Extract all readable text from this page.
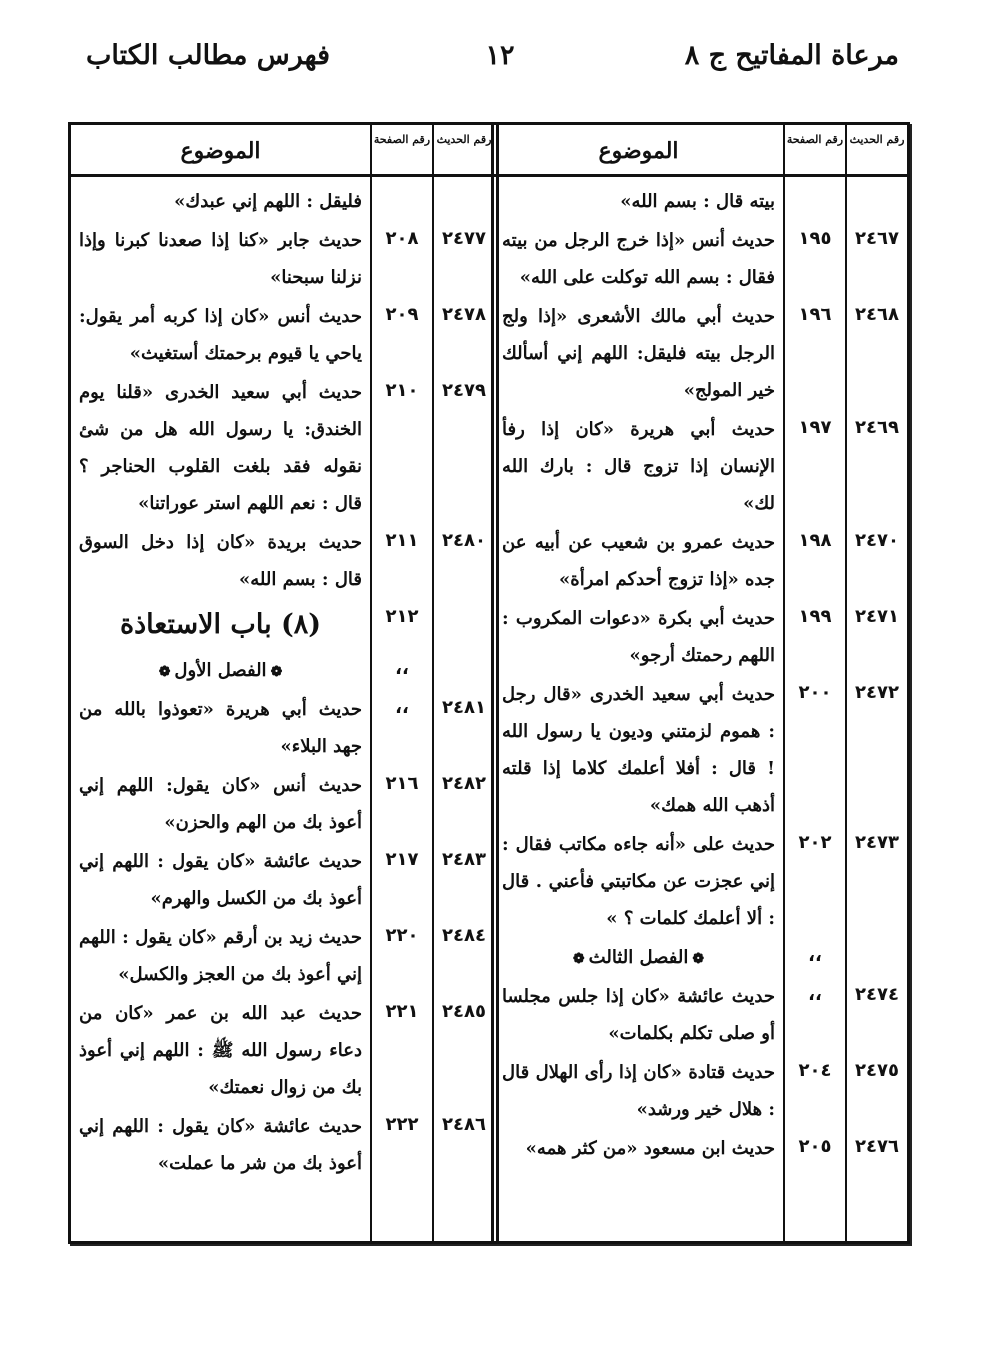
مرعاة المفاتيح ج ٨
١٢
فهرس مطالب الكتاب
رقم الحديث
رقم الصفحة
الموضوع
بيته قال : بسم الله»
٢٤٦٧
١٩٥
حديث أنس «إذا خرج الرجل من بيته فقال : بسم الله توكلت على الله»
٢٤٦٨
١٩٦
حديث أبي مالك الأشعرى «إذا ولج الرجل بيته فليقل: اللهم إني أسألك خير المولج»
٢٤٦٩
١٩٧
حديث أبي هريرة «كان إذا رفأ الإنسان إذا تزوج قال : بارك الله لك»
٢٤٧٠
١٩٨
حديث عمرو بن شعيب عن أبيه عن جده «إذا تزوج أحدكم امرأة»
٢٤٧١
١٩٩
حديث أبي بكرة «دعوات المكروب : اللهم رحمتك أرجو»
٢٤٧٢
٢٠٠
حديث أبي سعيد الخدرى «قال رجل : هموم لزمتني وديون يا رسول الله ! قال : أفلا أعلمك كلاما إذا قلته أذهب الله همك»
٢٤٧٣
٢٠٢
حديث على «أنه جاءه مكاتب فقال : إني عجزت عن مكاتبتي فأعني . قال : ألا أعلمك كلمات ؟ »
،،
❁الفصل الثالث❁
٢٤٧٤
،،
حديث عائشة «كان إذا جلس مجلسا أو صلى تكلم بكلمات»
٢٤٧٥
٢٠٤
حديث قتادة «كان إذا رأى الهلال قال : هلال خير ورشد»
٢٤٧٦
٢٠٥
حديث ابن مسعود «من كثر همه»
رقم الحديث
رقم الصفحة
الموضوع
فليقل : اللهم إني عبدك»
٢٤٧٧
٢٠٨
حديث جابر «كنا إذا صعدنا كبرنا وإذا نزلنا سبحنا»
٢٤٧٨
٢٠٩
حديث أنس «كان إذا كربه أمر يقول: ياحي يا قيوم برحمتك أستغيث»
٢٤٧٩
٢١٠
حديث أبي سعيد الخدرى «قلنا يوم الخندق: يا رسول الله هل من شئ نقوله فقد بلغت القلوب الحناجر ؟ قال : نعم اللهم استر عوراتنا»
٢٤٨٠
٢١١
حديث بريدة «كان إذا دخل السوق قال : بسم الله»
٢١٢
(٨) باب الاستعاذة
،،
❁الفصل الأول❁
٢٤٨١
،،
حديث أبي هريرة «تعوذوا بالله من جهد البلاء»
٢٤٨٢
٢١٦
حديث أنس «كان يقول: اللهم إني أعوذ بك من الهم والحزن»
٢٤٨٣
٢١٧
حديث عائشة «كان يقول : اللهم إني أعوذ بك من الكسل والهرم»
٢٤٨٤
٢٢٠
حديث زيد بن أرقم «كان يقول : اللهم إني أعوذ بك من العجز والكسل»
٢٤٨٥
٢٢١
حديث عبد الله بن عمر «كان من دعاء رسول الله ﷺ : اللهم إني أعوذ بك من زوال نعمتك»
٢٤٨٦
٢٢٢
حديث عائشة «كان يقول : اللهم إني أعوذ بك من شر ما عملت»
